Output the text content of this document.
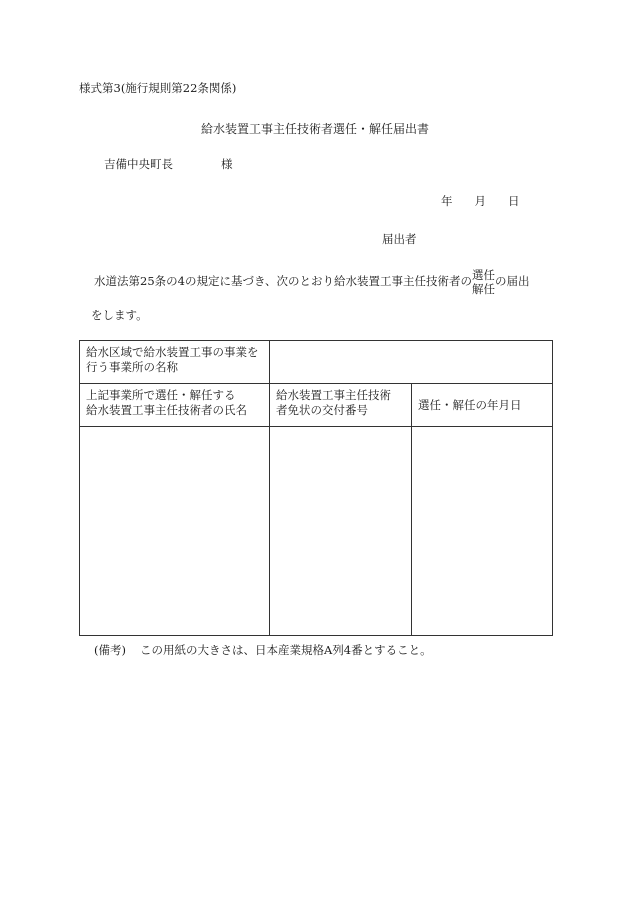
様式第3(施行規則第22条関係)
給水装置工事主任技術者選任・解任届出書
吉備中央町長	様
年 月 日
届出者
水道法第25条の4の規定に基づき、次のとおり給水装置工事主任技術者の選任
解任の届出
をします。
給水区域で給水装置工事の事業を
行う事業所の名称		
上記事業所で選任・解任する
給水装置工事主任技術者の氏名	給水装置工事主任技術
者免状の交付番号	選任・解任の年月日

(備考) この用紙の大きさは、日本産業規格A列4番とすること。
